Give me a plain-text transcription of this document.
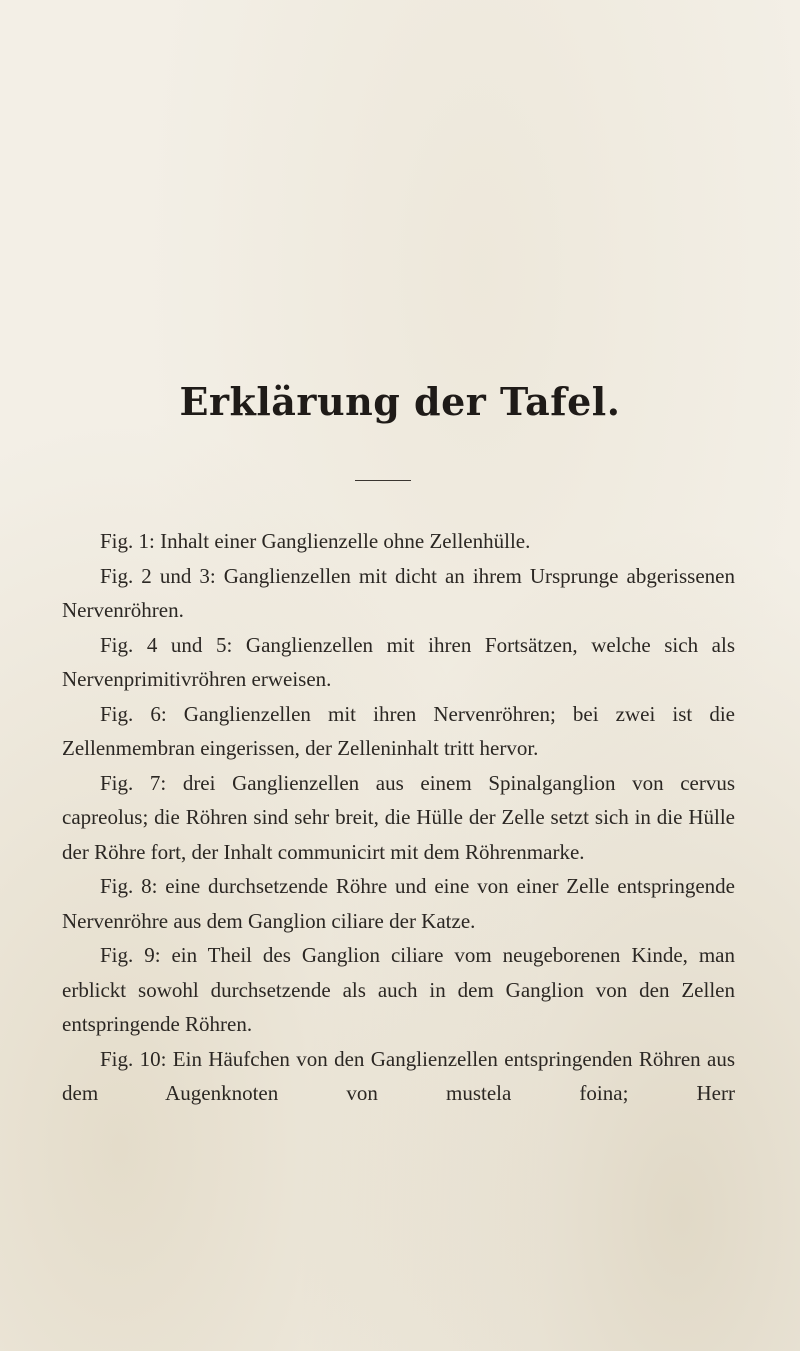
Erklärung der Tafel.

Fig. 1: Inhalt einer Ganglienzelle ohne Zellenhülle.

Fig. 2 und 3: Ganglienzellen mit dicht an ihrem Ursprunge abgerissenen Nervenröhren.

Fig. 4 und 5: Ganglienzellen mit ihren Fortsätzen, welche sich als Nervenprimitivröhren erweisen.

Fig. 6: Ganglienzellen mit ihren Nervenröhren; bei zwei ist die Zellenmembran eingerissen, der Zelleninhalt tritt hervor.

Fig. 7: drei Ganglienzellen aus einem Spinalganglion von cervus capreolus; die Röhren sind sehr breit, die Hülle der Zelle setzt sich in die Hülle der Röhre fort, der Inhalt communicirt mit dem Röhrenmarke.

Fig. 8: eine durchsetzende Röhre und eine von einer Zelle entspringende Nervenröhre aus dem Ganglion ciliare der Katze.

Fig. 9: ein Theil des Ganglion ciliare vom neugeborenen Kinde, man erblickt sowohl durchsetzende als auch in dem Ganglion von den Zellen entspringende Röhren.

Fig. 10: Ein Häufchen von den Ganglienzellen entspringenden Röhren aus dem Augenknoten von mustela foina; Herr
